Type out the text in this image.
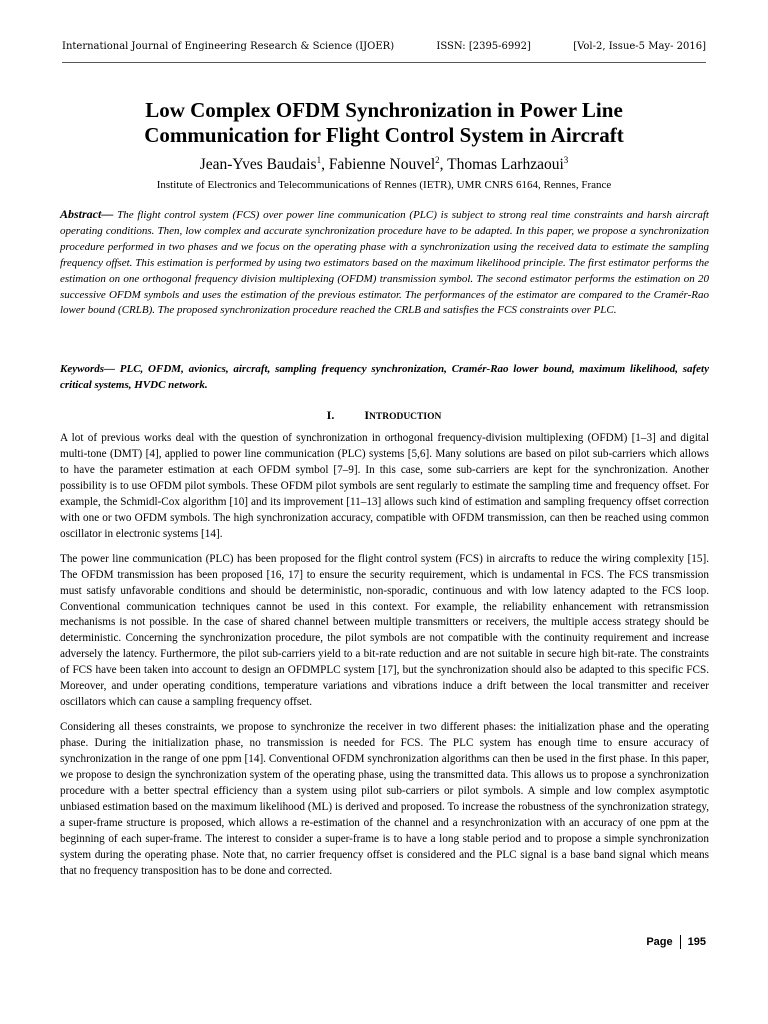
International Journal of Engineering Research & Science (IJOER)	ISSN: [2395-6992]	[Vol-2, Issue-5 May- 2016]
Low Complex OFDM Synchronization in Power Line
Communication for Flight Control System in Aircraft
Jean-Yves Baudais$^1$, Fabienne Nouvel$^2$, Thomas Larhzaoui$^3$
Institute of Electronics and Telecommunications of Rennes (IETR), UMR CNRS 6164, Rennes, France
Abstract— The flight control system (FCS) over power line communication (PLC) is subject to strong real time constraints and harsh aircraft operating conditions. Then, low complex and accurate synchronization procedure have to be adapted. In this paper, we propose a synchronization procedure performed in two phases and we focus on the operating phase with a synchronization using the received data to estimate the sampling frequency offset. This estimation is performed by using two estimators based on the maximum likelihood principle. The first estimator performs the estimation on one orthogonal frequency division multiplexing (OFDM) transmission symbol. The second estimator performs the estimation on 20 successive OFDM symbols and uses the estimation of the previous estimator. The performances of the estimator are compared to the Cramér-Rao lower bound (CRLB). The proposed synchronization procedure reached the CRLB and satisfies the FCS constraints over PLC.
Keywords— PLC, OFDM, avionics, aircraft, sampling frequency synchronization, Cramér-Rao lower bound, maximum likelihood, safety critical systems, HVDC network.
I.	INTRODUCTION

A lot of previous works deal with the question of synchronization in orthogonal frequency-division multiplexing (OFDM) [1–3] and digital multi-tone (DMT) [4], applied to power line communication (PLC) systems [5,6]. Many solutions are based on pilot sub-carriers which allows to have the parameter estimation at each OFDM symbol [7–9]. In this case, some sub-carriers are kept for the synchronization. Another possibility is to use OFDM pilot symbols. These OFDM pilot symbols are sent regularly to estimate the sampling time and frequency offset. For example, the Schmidl-Cox algorithm [10] and its improvement [11–13] allows such kind of estimation and sampling frequency offset correction with one or two OFDM symbols. The high synchronization accuracy, compatible with OFDM transmission, can then be reached using common oscillator in electronic systems [14].

The power line communication (PLC) has been proposed for the flight control system (FCS) in aircrafts to reduce the wiring complexity [15]. The OFDM transmission has been proposed [16, 17] to ensure the security requirement, which is undamental in FCS. The FCS transmission must satisfy unfavorable conditions and should be deterministic, non-sporadic, continuous and with low latency adapted to the FCS loop. Conventional communication techniques cannot be used in this context. For example, the reliability enhancement with retransmission mechanisms is not possible. In the case of shared channel between multiple transmitters or receivers, the multiple access strategy should be deterministic. Concerning the synchronization procedure, the pilot symbols are not compatible with the continuity requirement and increase adversely the latency. Furthermore, the pilot sub-carriers yield to a bit-rate reduction and are not suitable in secure high bit-rate. The constraints of FCS have been taken into account to design an OFDMPLC system [17], but the synchronization should also be adapted to this specific FCS. Moreover, and under operating conditions, temperature variations and vibrations induce a drift between the local transmitter and receiver oscillators which can cause a sampling frequency offset.

Considering all theses constraints, we propose to synchronize the receiver in two different phases: the initialization phase and the operating phase. During the initialization phase, no transmission is needed for FCS. The PLC system has enough time to ensure accuracy of synchronization in the range of one ppm [14]. Conventional OFDM synchronization algorithms can then be used in the first phase. In this paper, we propose to design the synchronization system of the operating phase, using the transmitted data. This allows us to propose a synchronization procedure with a better spectral efficiency than a system using pilot sub-carriers or pilot symbols. A simple and low complex asymptotic unbiased estimation based on the maximum likelihood (ML) is derived and proposed. To increase the robustness of the synchronization strategy, a super-frame structure is proposed, which allows a re-estimation of the channel and a resynchronization with an accuracy of one ppm at the beginning of each super-frame. The interest to consider a super-frame is to have a long stable period and to propose a simple synchronization system during the operating phase. Note that, no carrier frequency offset is considered and the PLC signal is a base band signal which means that no frequency transposition has to be done and corrected.

Page 195
